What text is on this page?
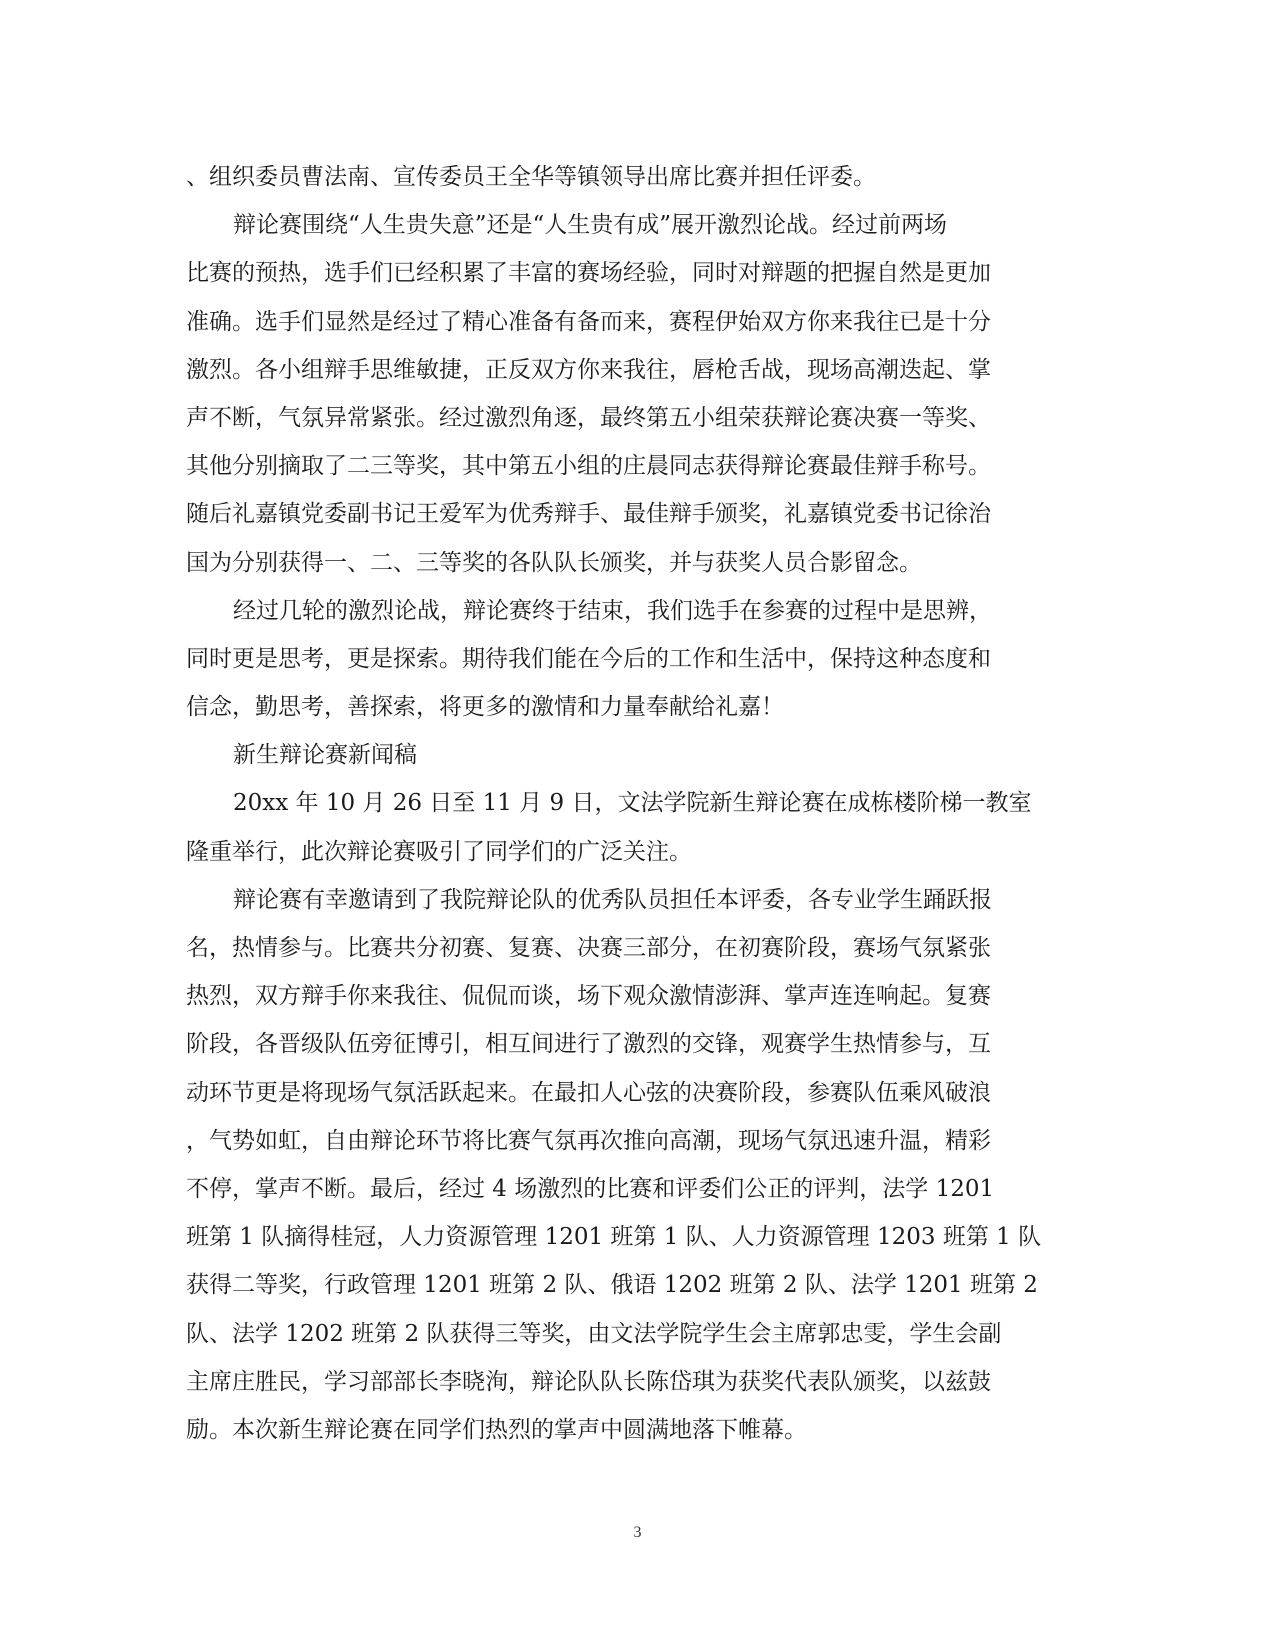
、组织委员曹法南、宣传委员王全华等镇领导出席比赛并担任评委。
辩论赛围绕“人生贵失意”还是“人生贵有成”展开激烈论战。经过前两场
比赛的预热，选手们已经积累了丰富的赛场经验，同时对辩题的把握自然是更加
准确。选手们显然是经过了精心准备有备而来，赛程伊始双方你来我往已是十分
激烈。各小组辩手思维敏捷，正反双方你来我往，唇枪舌战，现场高潮迭起、掌
声不断，气氛异常紧张。经过激烈角逐，最终第五小组荣获辩论赛决赛一等奖、
其他分别摘取了二三等奖，其中第五小组的庄晨同志获得辩论赛最佳辩手称号。
随后礼嘉镇党委副书记王爱军为优秀辩手、最佳辩手颁奖，礼嘉镇党委书记徐治
国为分别获得一、二、三等奖的各队队长颁奖，并与获奖人员合影留念。
经过几轮的激烈论战，辩论赛终于结束，我们选手在参赛的过程中是思辨，
同时更是思考，更是探索。期待我们能在今后的工作和生活中，保持这种态度和
信念，勤思考，善探索，将更多的激情和力量奉献给礼嘉！
新生辩论赛新闻稿
20xx 年 10 月 26 日至 11 月 9 日，文法学院新生辩论赛在成栋楼阶梯一教室
隆重举行，此次辩论赛吸引了同学们的广泛关注。
辩论赛有幸邀请到了我院辩论队的优秀队员担任本评委，各专业学生踊跃报
名，热情参与。比赛共分初赛、复赛、决赛三部分，在初赛阶段，赛场气氛紧张
热烈，双方辩手你来我往、侃侃而谈，场下观众激情澎湃、掌声连连响起。复赛
阶段，各晋级队伍旁征博引，相互间进行了激烈的交锋，观赛学生热情参与，互
动环节更是将现场气氛活跃起来。在最扣人心弦的决赛阶段，参赛队伍乘风破浪
，气势如虹，自由辩论环节将比赛气氛再次推向高潮，现场气氛迅速升温，精彩
不停，掌声不断。最后，经过 4 场激烈的比赛和评委们公正的评判，法学 1201
班第 1 队摘得桂冠，人力资源管理 1201 班第 1 队、人力资源管理 1203 班第 1 队
获得二等奖，行政管理 1201 班第 2 队、俄语 1202 班第 2 队、法学 1201 班第 2
队、法学 1202 班第 2 队获得三等奖，由文法学院学生会主席郭忠雯，学生会副
主席庄胜民，学习部部长李晓洵，辩论队队长陈岱琪为获奖代表队颁奖，以兹鼓
励。本次新生辩论赛在同学们热烈的掌声中圆满地落下帷幕。
3
